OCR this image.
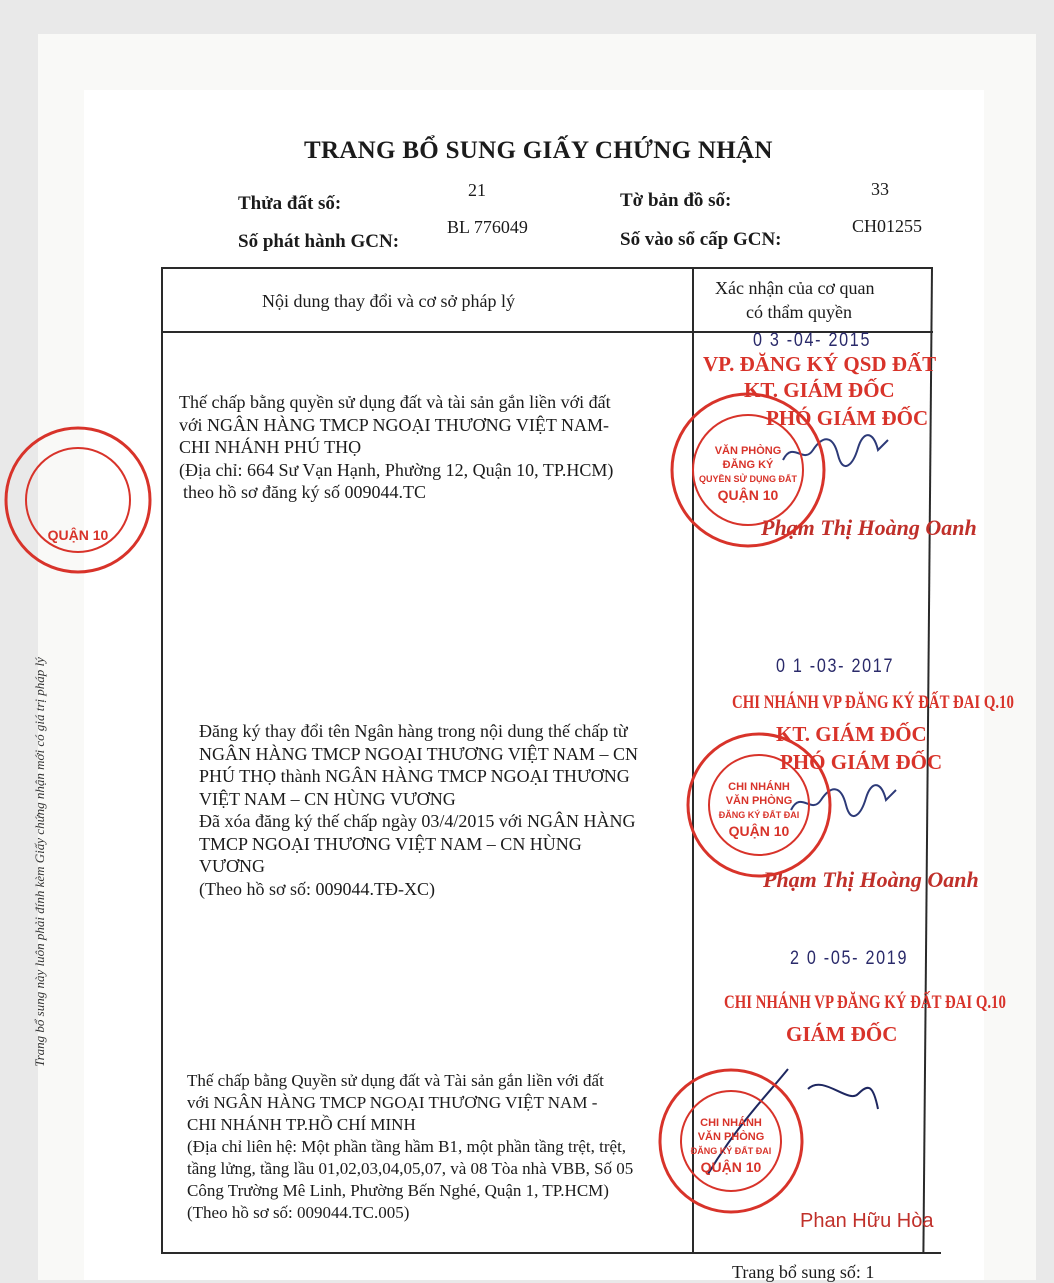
TRANG BỔ SUNG GIẤY CHỨNG NHẬN
Thửa đất số:
21	Tờ bản đồ số:
33
Số phát hành GCN:
BL 776049
Số vào sổ cấp GCN:
CH01255
Nội dung thay đổi và cơ sở pháp lý
Xác nhận của cơ quan
có thẩm quyền
Thế chấp bằng quyền sử dụng đất và tài sản gắn liền với đất
với NGÂN HÀNG TMCP NGOẠI THƯƠNG VIỆT NAM-
CHI NHÁNH PHÚ THỌ
(Địa chỉ: 664 Sư Vạn Hạnh, Phường 12, Quận 10, TP.HCM)
theo hồ sơ đăng ký số 009044.TC
Đăng ký thay đổi tên Ngân hàng trong nội dung thế chấp từ
NGÂN HÀNG TMCP NGOẠI THƯƠNG VIỆT NAM – CN
PHÚ THỌ thành NGÂN HÀNG TMCP NGOẠI THƯƠNG
VIỆT NAM – CN HÙNG VƯƠNG
Đã xóa đăng ký thế chấp ngày 03/4/2015 với NGÂN HÀNG
TMCP NGOẠI THƯƠNG VIỆT NAM – CN HÙNG
VƯƠNG
(Theo hồ sơ số: 009044.TĐ-XC)
Thế chấp bằng Quyền sử dụng đất và Tài sản gắn liền với đất
với NGÂN HÀNG TMCP NGOẠI THƯƠNG VIỆT NAM -
CHI NHÁNH TP.HỒ CHÍ MINH
(Địa chỉ liên hệ: Một phần tầng hầm B1, một phần tầng trệt, trệt,
tầng lửng, tầng lầu 01,02,03,04,05,07, và 08 Tòa nhà VBB, Số 05
Công Trường Mê Linh, Phường Bến Nghé, Quận 1, TP.HCM)
(Theo hồ sơ số: 009044.TC.005)
0 3 -04- 2015
VP. ĐĂNG KÝ QSD ĐẤT
KT. GIÁM ĐỐC
PHÓ GIÁM ĐỐC
Phạm Thị Hoàng Oanh
0 1 -03- 2017
CHI NHÁNH VP ĐĂNG KÝ ĐẤT ĐAI Q.10
KT. GIÁM ĐỐC
PHÓ GIÁM ĐỐC
Phạm Thị Hoàng Oanh
2 0 -05- 2019
CHI NHÁNH VP ĐĂNG KÝ ĐẤT ĐAI Q.10
GIÁM ĐỐC
Phan Hữu Hòa
VĂN PHÒNG
ĐĂNG KÝ
QUYỀN SỬ DỤNG ĐẤT
QUẬN 10
CHI NHÁNH
VĂN PHÒNG
ĐĂNG KÝ ĐẤT ĐAI
QUẬN 10
CHI NHÁNH
VĂN PHÒNG
ĐĂNG KÝ ĐẤT ĐAI
QUẬN 10
QUẬN 10
Trang bổ sung này luôn phải đính kèm Giấy chứng nhận mới có giá trị pháp lý
Trang bổ sung số: 1
